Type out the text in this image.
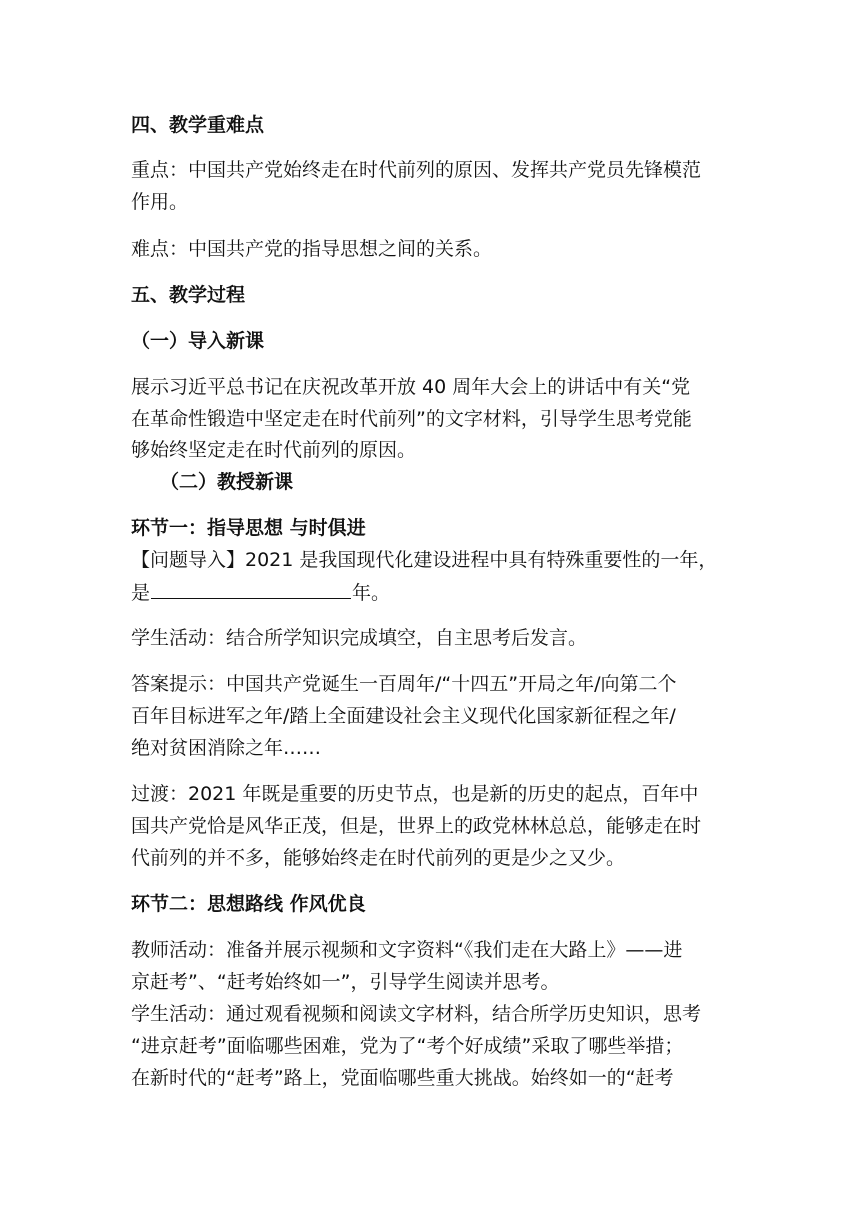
四、教学重难点
重点：中国共产党始终走在时代前列的原因、发挥共产党员先锋模范
作用。
难点：中国共产党的指导思想之间的关系。
五、教学过程
（一）导入新课
展示习近平总书记在庆祝改革开放 40 周年大会上的讲话中有关“党
在革命性锻造中坚定走在时代前列”的文字材料，引导学生思考党能
够始终坚定走在时代前列的原因。
（二）教授新课
环节一：指导思想 与时俱进
【问题导入】2021 是我国现代化建设进程中具有特殊重要性的一年，
是	年。
学生活动：结合所学知识完成填空，自主思考后发言。
答案提示：中国共产党诞生一百周年/“十四五”开局之年/向第二个
百年目标进军之年/踏上全面建设社会主义现代化国家新征程之年/
绝对贫困消除之年……
过渡：2021 年既是重要的历史节点，也是新的历史的起点，百年中
国共产党恰是风华正茂，但是，世界上的政党林林总总，能够走在时
代前列的并不多，能够始终走在时代前列的更是少之又少。
环节二：思想路线 作风优良
教师活动：准备并展示视频和文字资料“《我们走在大路上》——进
京赶考”、“赶考始终如一”，引导学生阅读并思考。
学生活动：通过观看视频和阅读文字材料，结合所学历史知识，思考
“进京赶考”面临哪些困难，党为了“考个好成绩”采取了哪些举措；
在新时代的“赶考”路上，党面临哪些重大挑战。始终如一的“赶考
